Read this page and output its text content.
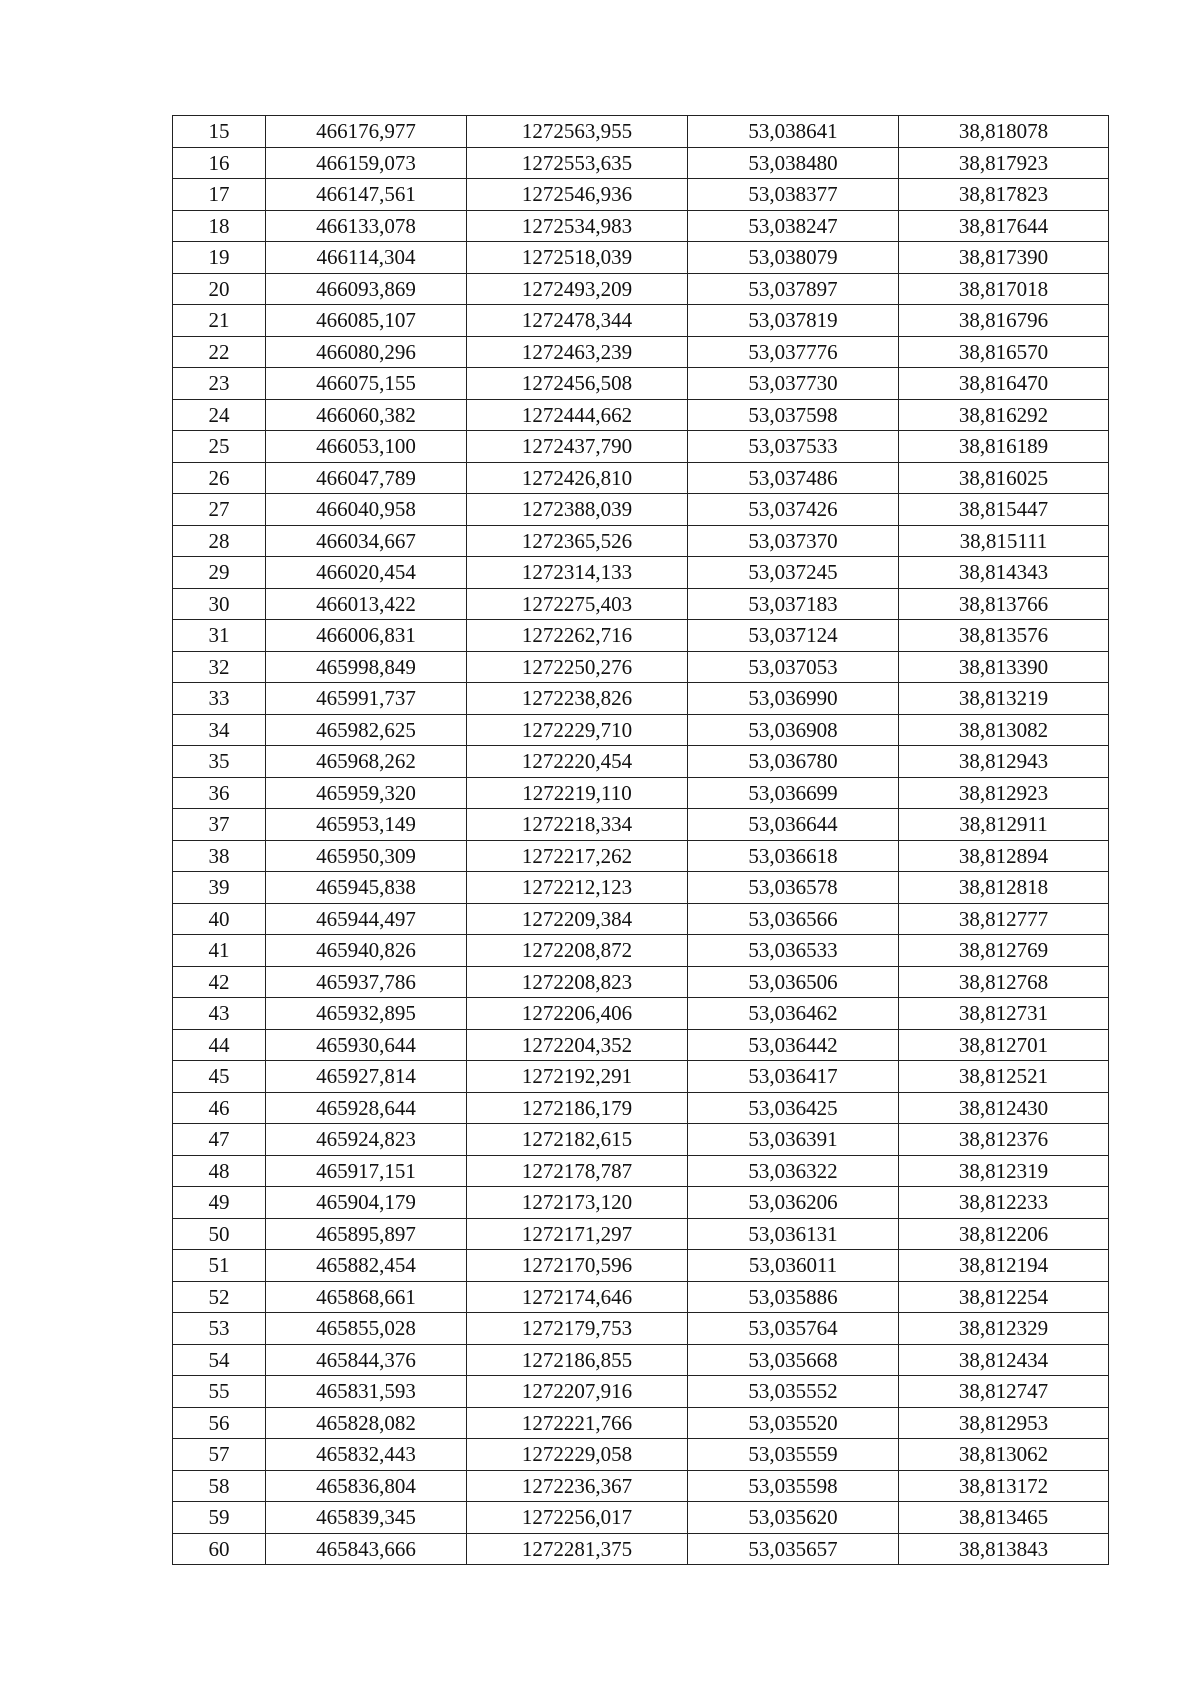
15	466176,977	1272563,955	53,038641	38,818078
16	466159,073	1272553,635	53,038480	38,817923
17	466147,561	1272546,936	53,038377	38,817823
18	466133,078	1272534,983	53,038247	38,817644
19	466114,304	1272518,039	53,038079	38,817390
20	466093,869	1272493,209	53,037897	38,817018
21	466085,107	1272478,344	53,037819	38,816796
22	466080,296	1272463,239	53,037776	38,816570
23	466075,155	1272456,508	53,037730	38,816470
24	466060,382	1272444,662	53,037598	38,816292
25	466053,100	1272437,790	53,037533	38,816189
26	466047,789	1272426,810	53,037486	38,816025
27	466040,958	1272388,039	53,037426	38,815447
28	466034,667	1272365,526	53,037370	38,815111
29	466020,454	1272314,133	53,037245	38,814343
30	466013,422	1272275,403	53,037183	38,813766
31	466006,831	1272262,716	53,037124	38,813576
32	465998,849	1272250,276	53,037053	38,813390
33	465991,737	1272238,826	53,036990	38,813219
34	465982,625	1272229,710	53,036908	38,813082
35	465968,262	1272220,454	53,036780	38,812943
36	465959,320	1272219,110	53,036699	38,812923
37	465953,149	1272218,334	53,036644	38,812911
38	465950,309	1272217,262	53,036618	38,812894
39	465945,838	1272212,123	53,036578	38,812818
40	465944,497	1272209,384	53,036566	38,812777
41	465940,826	1272208,872	53,036533	38,812769
42	465937,786	1272208,823	53,036506	38,812768
43	465932,895	1272206,406	53,036462	38,812731
44	465930,644	1272204,352	53,036442	38,812701
45	465927,814	1272192,291	53,036417	38,812521
46	465928,644	1272186,179	53,036425	38,812430
47	465924,823	1272182,615	53,036391	38,812376
48	465917,151	1272178,787	53,036322	38,812319
49	465904,179	1272173,120	53,036206	38,812233
50	465895,897	1272171,297	53,036131	38,812206
51	465882,454	1272170,596	53,036011	38,812194
52	465868,661	1272174,646	53,035886	38,812254
53	465855,028	1272179,753	53,035764	38,812329
54	465844,376	1272186,855	53,035668	38,812434
55	465831,593	1272207,916	53,035552	38,812747
56	465828,082	1272221,766	53,035520	38,812953
57	465832,443	1272229,058	53,035559	38,813062
58	465836,804	1272236,367	53,035598	38,813172
59	465839,345	1272256,017	53,035620	38,813465
60	465843,666	1272281,375	53,035657	38,813843
